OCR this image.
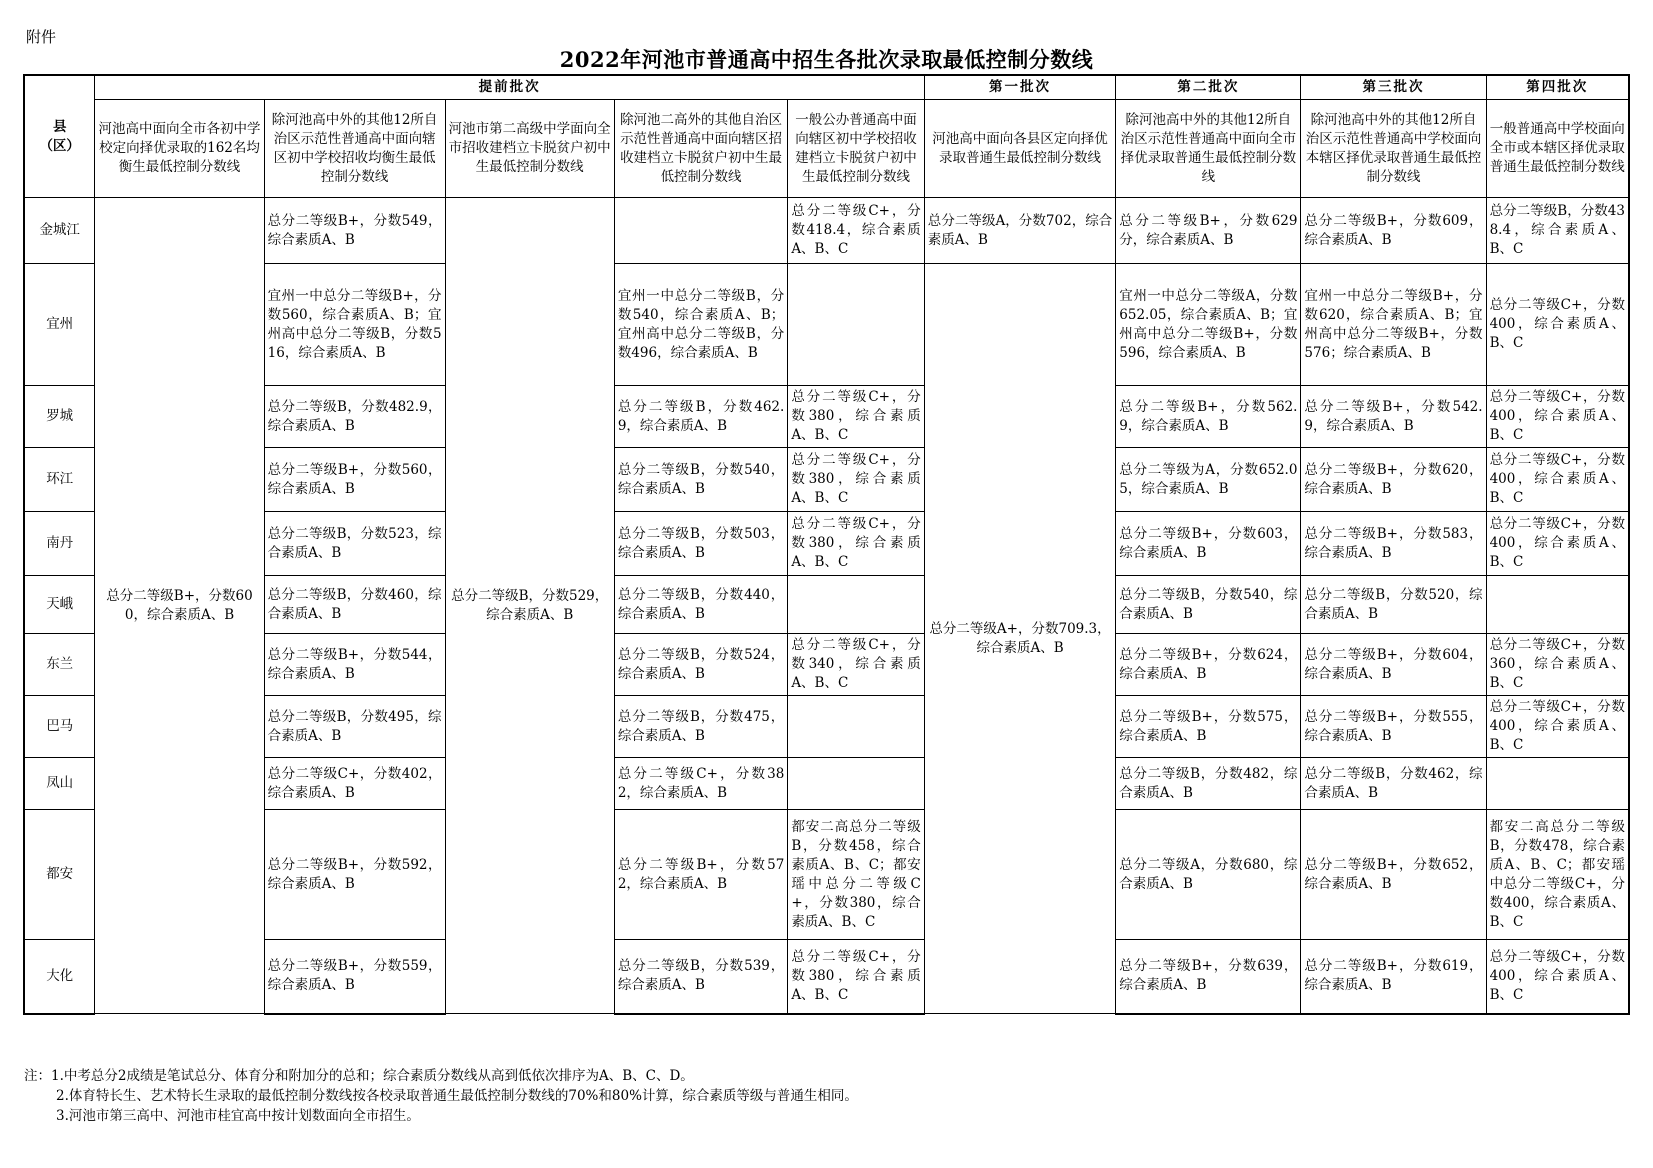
附件
2022年河池市普通高中招生各批次录取最低控制分数线
县
（区）	提前批次					第一批次	第二批次	第三批次	第四批次
	河池高中面向全市各初中学校定向择优录取的162名均衡生最低控制分数线	除河池高中外的其他12所自治区示范性普通高中面向辖区初中学校招收均衡生最低控制分数线	河池市第二高级中学面向全市招收建档立卡脱贫户初中生最低控制分数线	除河池二高外的其他自治区示范性普通高中面向辖区招收建档立卡脱贫户初中生最低控制分数线	一般公办普通高中面向辖区初中学校招收建档立卡脱贫户初中生最低控制分数线	河池高中面向各县区定向择优录取普通生最低控制分数线	除河池高中外的其他12所自治区示范性普通高中面向全市择优录取普通生最低控制分数线	除河池高中外的其他12所自治区示范性普通高中学校面向本辖区择优录取普通生最低控制分数线	一般普通高中学校面向全市或本辖区择优录取普通生最低控制分数线
金城江	总分二等级B+，分数600，综合素质A、B	总分二等级B+，分数549，综合素质A、B	总分二等级B，分数529，综合素质A、B		总分二等级C+，分数418.4，综合素质A、B、C	总分二等级A，分数702，综合素质A、B	总分二等级B+，分数629分，综合素质A、B	总分二等级B+，分数609，综合素质A、B	总分二等级B，分数438.4，综合素质A、B、C
宜州		宜州一中总分二等级B+，分数560，综合素质A、B；宜州高中总分二等级B，分数516，综合素质A、B		宜州一中总分二等级B，分数540，综合素质A、B；宜州高中总分二等级B，分数496，综合素质A、B		总分二等级A+，分数709.3，综合素质A、B	宜州一中总分二等级A，分数652.05，综合素质A、B；宜州高中总分二等级B+，分数596，综合素质A、B	宜州一中总分二等级B+，分数620，综合素质A、B；宜州高中总分二等级B+，分数576；综合素质A、B	总分二等级C+，分数400，综合素质A、B、C
罗城		总分二等级B，分数482.9，综合素质A、B		总分二等级B，分数462.9，综合素质A、B	总分二等级C+，分数380，综合素质A、B、C		总分二等级B+，分数562.9，综合素质A、B	总分二等级B+，分数542.9，综合素质A、B	总分二等级C+，分数400，综合素质A、B、C
环江		总分二等级B+，分数560，综合素质A、B		总分二等级B，分数540，综合素质A、B	总分二等级C+，分数380，综合素质A、B、C		总分二等级为A，分数652.05，综合素质A、B	总分二等级B+，分数620，综合素质A、B	总分二等级C+，分数400，综合素质A、B、C
南丹		总分二等级B，分数523，综合素质A、B		总分二等级B，分数503，综合素质A、B	总分二等级C+，分数380，综合素质A、B、C		总分二等级B+，分数603，综合素质A、B	总分二等级B+，分数583，综合素质A、B	总分二等级C+，分数400，综合素质A、B、C
天峨		总分二等级B，分数460，综合素质A、B		总分二等级B，分数440，综合素质A、B			总分二等级B，分数540，综合素质A、B	总分二等级B，分数520，综合素质A、B	
东兰		总分二等级B+，分数544，综合素质A、B		总分二等级B，分数524，综合素质A、B	总分二等级C+，分数340，综合素质A、B、C		总分二等级B+，分数624，综合素质A、B	总分二等级B+，分数604，综合素质A、B	总分二等级C+，分数360，综合素质A、B、C
巴马		总分二等级B，分数495，综合素质A、B		总分二等级B，分数475，综合素质A、B			总分二等级B+，分数575，综合素质A、B	总分二等级B+，分数555，综合素质A、B	总分二等级C+，分数400，综合素质A、B、C
凤山		总分二等级C+，分数402，综合素质A、B		总分二等级C+，分数382，综合素质A、B			总分二等级B，分数482，综合素质A、B	总分二等级B，分数462，综合素质A、B	
都安		总分二等级B+，分数592，综合素质A、B		总分二等级B+，分数572，综合素质A、B	都安二高总分二等级B，分数458，综合素质A、B、C；都安瑶中总分二等级C+，分数380，综合素质A、B、C		总分二等级A，分数680，综合素质A、B	总分二等级B+，分数652，综合素质A、B	都安二高总分二等级B，分数478，综合素质A、B、C；都安瑶中总分二等级C+，分数400，综合素质A、B、C
大化		总分二等级B+，分数559，综合素质A、B		总分二等级B，分数539，综合素质A、B	总分二等级C+，分数380，综合素质A、B、C		总分二等级B+，分数639，综合素质A、B	总分二等级B+，分数619，综合素质A、B	总分二等级C+，分数400，综合素质A、B、C
注：1.中考总分2成绩是笔试总分、体育分和附加分的总和；综合素质分数线从高到低依次排序为A、B、C、D。
2.体育特长生、艺术特长生录取的最低控制分数线按各校录取普通生最低控制分数线的70%和80%计算，综合素质等级与普通生相同。
3.河池市第三高中、河池市桂宜高中按计划数面向全市招生。
